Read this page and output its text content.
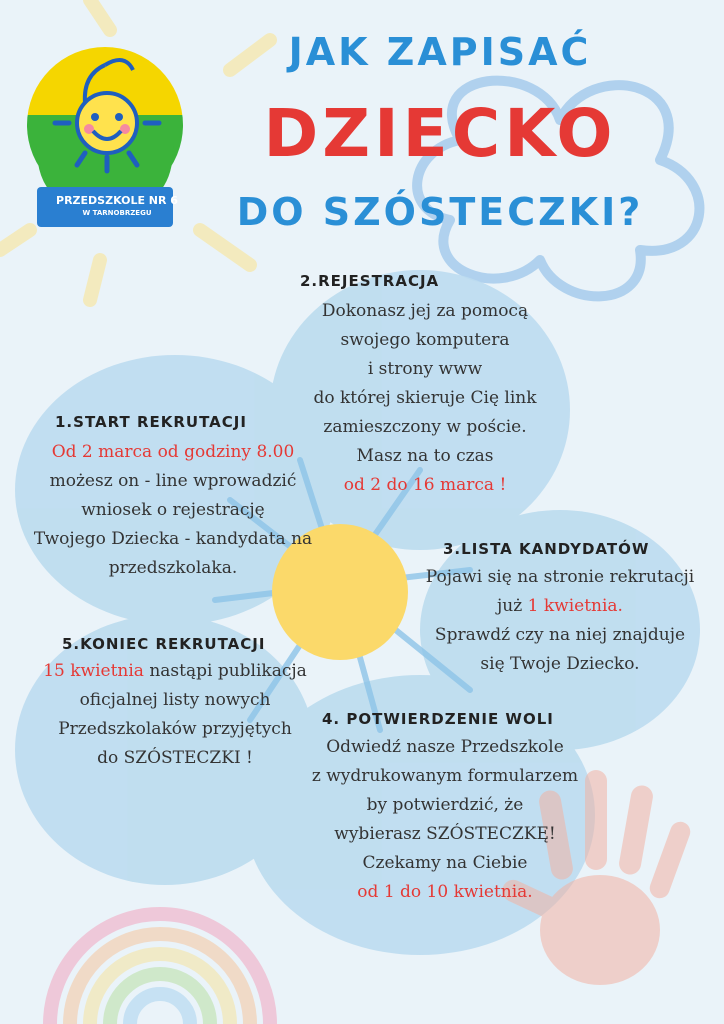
PRZEDSZKOLE NR 6
W TARNOBRZEGU
JAK ZAPISAĆ
DZIECKO
DO SZÓSTECZKI?
2.REJESTRACJA
Dokonasz jej za pomocą
swojego komputera
i strony www
do której skieruje Cię link
zamieszczony w poście.
Masz na to czas
od 2 do 16 marca !
1.START REKRUTACJI
Od 2 marca od godziny 8.00
możesz on - line wprowadzić
wniosek o rejestrację
Twojego Dziecka - kandydata na
przedszkolaka.
3.LISTA KANDYDATÓW
Pojawi się na stronie rekrutacji
już 1 kwietnia.
Sprawdź czy na niej znajduje
się Twoje Dziecko.
5.KONIEC REKRUTACJI
15 kwietnia nastąpi publikacja
oficjalnej listy nowych
Przedszkolaków przyjętych
do SZÓSTECZKI !
4. POTWIERDZENIE WOLI
Odwiedź nasze Przedszkole
z wydrukowanym formularzem
by potwierdzić, że
wybierasz SZÓSTECZKĘ!
Czekamy na Ciebie
od 1 do 10 kwietnia.
